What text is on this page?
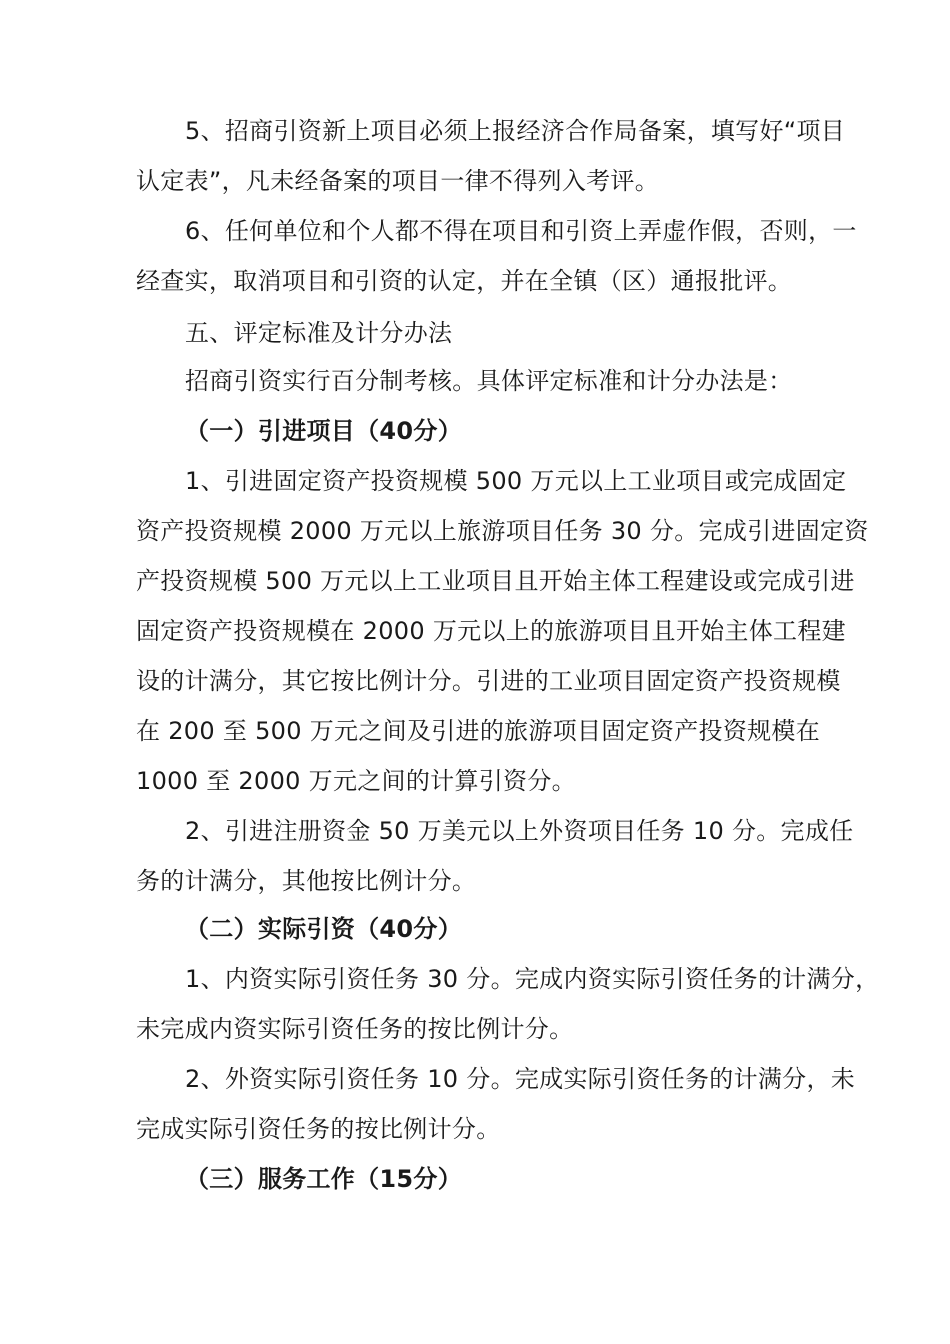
5、招商引资新上项目必须上报经济合作局备案，填写好“项目
认定表”，凡未经备案的项目一律不得列入考评。
6、任何单位和个人都不得在项目和引资上弄虚作假，否则，一
经查实，取消项目和引资的认定，并在全镇（区）通报批评。
五、评定标准及计分办法
招商引资实行百分制考核。具体评定标准和计分办法是：
（一）引进项目（40分）
1、引进固定资产投资规模 500 万元以上工业项目或完成固定
资产投资规模 2000 万元以上旅游项目任务 30 分。完成引进固定资
产投资规模 500 万元以上工业项目且开始主体工程建设或完成引进
固定资产投资规模在 2000 万元以上的旅游项目且开始主体工程建
设的计满分，其它按比例计分。引进的工业项目固定资产投资规模
在 200 至 500 万元之间及引进的旅游项目固定资产投资规模在
1000 至 2000 万元之间的计算引资分。
2、引进注册资金 50 万美元以上外资项目任务 10 分。完成任
务的计满分，其他按比例计分。
（二）实际引资（40分）
1、内资实际引资任务 30 分。完成内资实际引资任务的计满分，
未完成内资实际引资任务的按比例计分。
2、外资实际引资任务 10 分。完成实际引资任务的计满分，未
完成实际引资任务的按比例计分。
（三）服务工作（15分）
